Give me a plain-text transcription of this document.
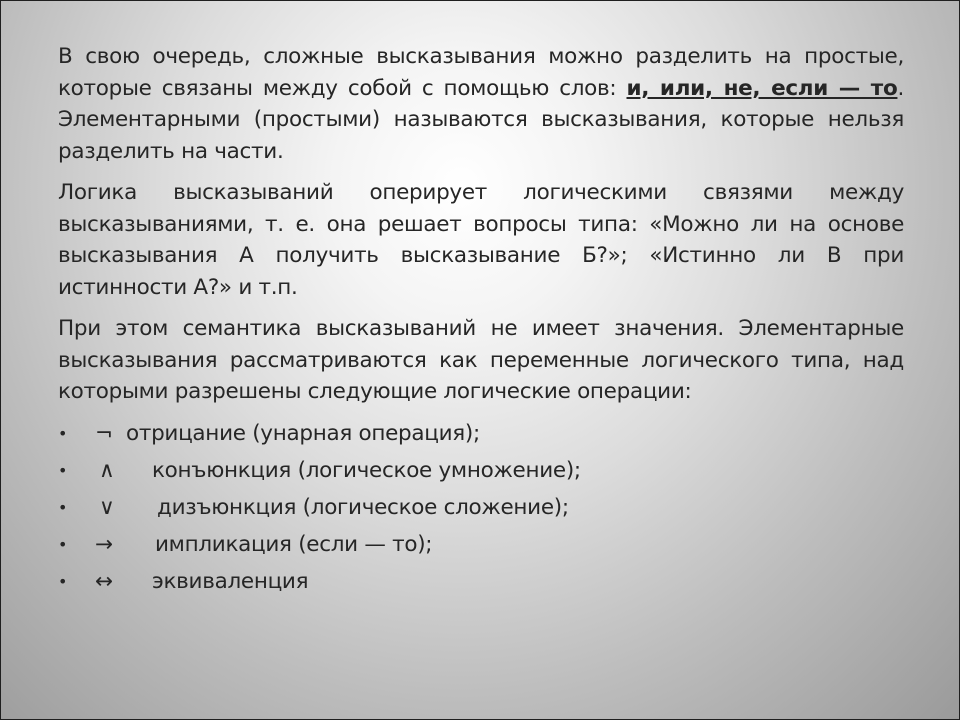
В свою очередь, сложные высказывания можно разделить на простые, которые связаны между собой с помощью слов: и, или, не, если — то. Элементарными (простыми) называются высказывания, которые нельзя разделить на части.

Логика высказываний оперирует логическими связями между высказываниями, т. е. она решает вопросы типа: «Можно ли на основе высказывания А получить высказывание Б?»; «Истинно ли В при истинности А?» и т.п.

При этом семантика высказываний не имеет значения. Элементарные высказывания рассматриваются как переменные логического типа, над которыми разрешены следующие логические операции:

• ¬ отрицание (унарная операция);
• ∧ конъюнкция (логическое умножение);
• ∨ дизъюнкция (логическое сложение);
• → импликация (если — то);
• ↔ эквиваленция
